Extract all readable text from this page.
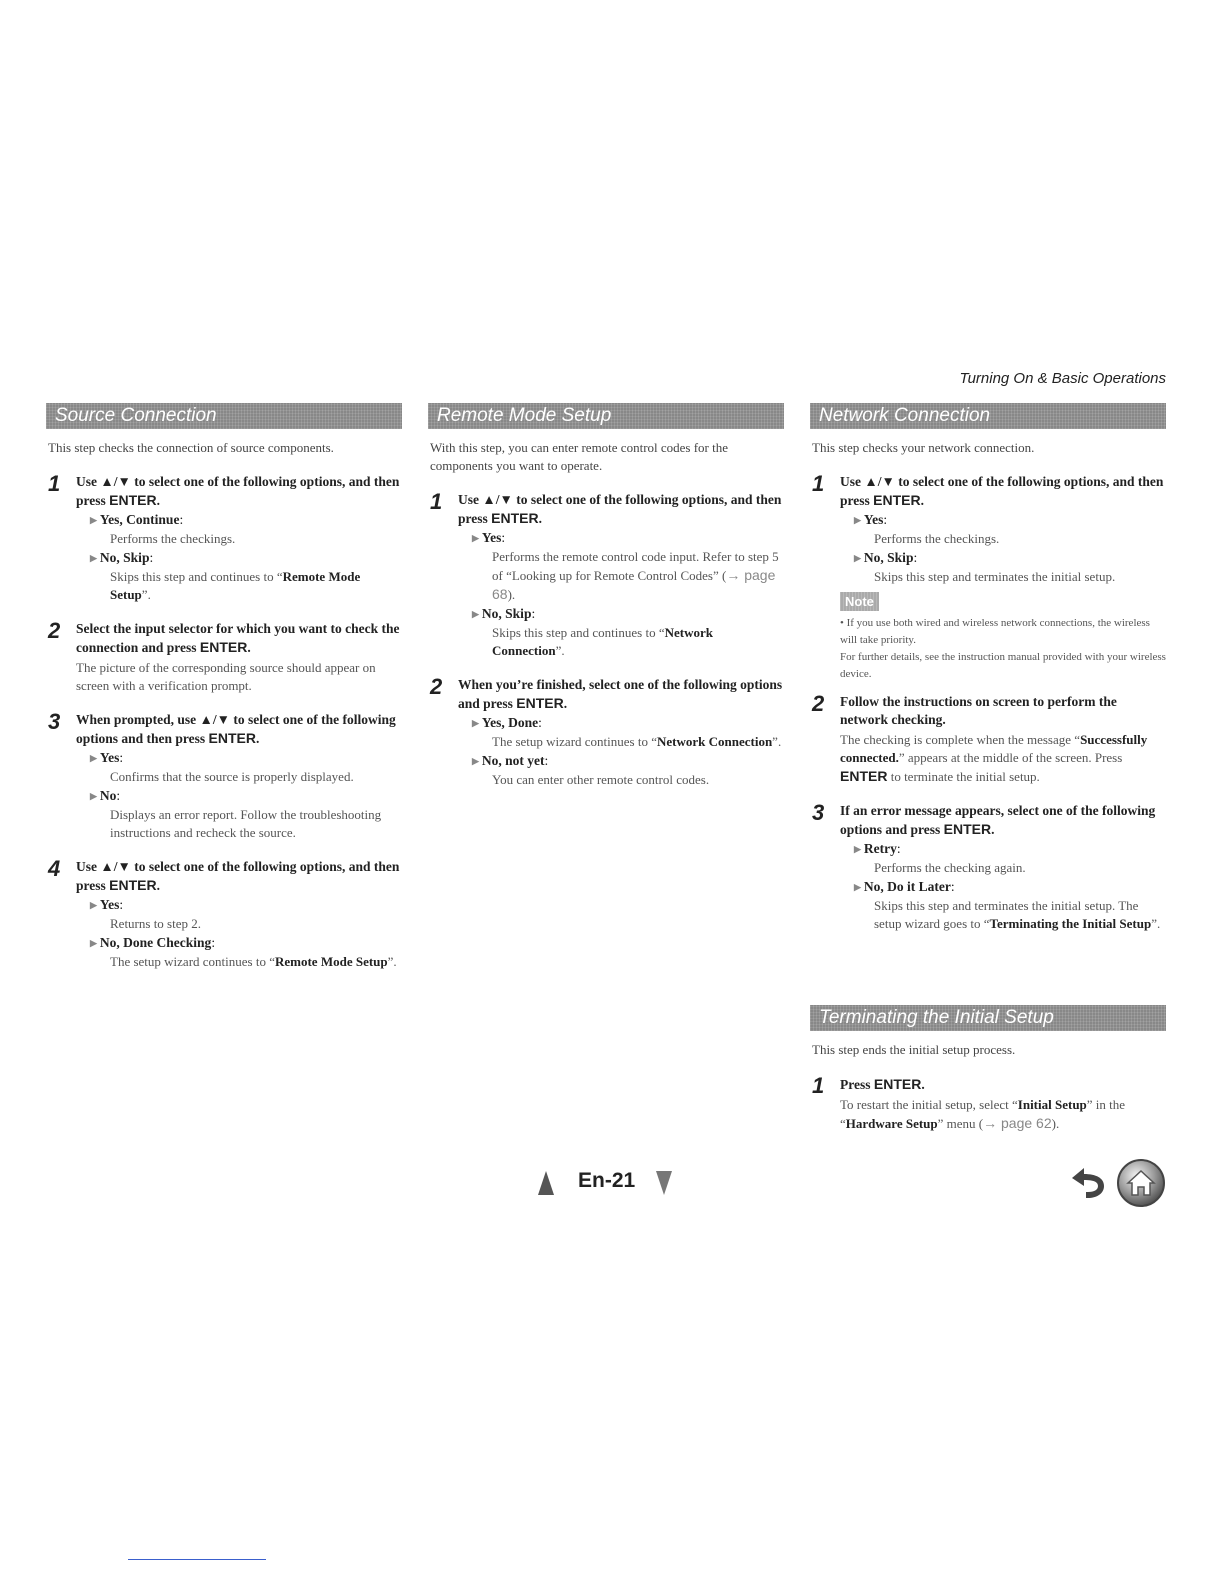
Turning On & Basic Operations
Source Connection
This step checks the connection of source components.
1 Use ▲/▼ to select one of the following options, and then press ENTER.
▶ Yes, Continue:
Performs the checkings.
▶ No, Skip:
Skips this step and continues to “Remote Mode Setup”.
2 Select the input selector for which you want to check the connection and press ENTER.
The picture of the corresponding source should appear on screen with a verification prompt.
3 When prompted, use ▲/▼ to select one of the following options and then press ENTER.
▶ Yes:
Confirms that the source is properly displayed.
▶ No:
Displays an error report. Follow the troubleshooting instructions and recheck the source.
4 Use ▲/▼ to select one of the following options, and then press ENTER.
▶ Yes:
Returns to step 2.
▶ No, Done Checking:
The setup wizard continues to “Remote Mode Setup”.
Remote Mode Setup
With this step, you can enter remote control codes for the components you want to operate.
1 Use ▲/▼ to select one of the following options, and then press ENTER.
▶ Yes:
Performs the remote control code input. Refer to step 5 of “Looking up for Remote Control Codes” (→ page 68).
▶ No, Skip:
Skips this step and continues to “Network Connection”.
2 When you’re finished, select one of the following options and press ENTER.
▶ Yes, Done:
The setup wizard continues to “Network Connection”.
▶ No, not yet:
You can enter other remote control codes.
Network Connection
This step checks your network connection.
1 Use ▲/▼ to select one of the following options, and then press ENTER.
▶ Yes:
Performs the checkings.
▶ No, Skip:
Skips this step and terminates the initial setup.
Note
• If you use both wired and wireless network connections, the wireless will take priority.
For further details, see the instruction manual provided with your wireless device.
2 Follow the instructions on screen to perform the network checking.
The checking is complete when the message “Successfully connected.” appears at the middle of the screen. Press ENTER to terminate the initial setup.
3 If an error message appears, select one of the following options and press ENTER.
▶ Retry:
Performs the checking again.
▶ No, Do it Later:
Skips this step and terminates the initial setup. The setup wizard goes to “Terminating the Initial Setup”.
Terminating the Initial Setup
This step ends the initial setup process.
1 Press ENTER.
To restart the initial setup, select “Initial Setup” in the “Hardware Setup” menu (→ page 62).
En-21
